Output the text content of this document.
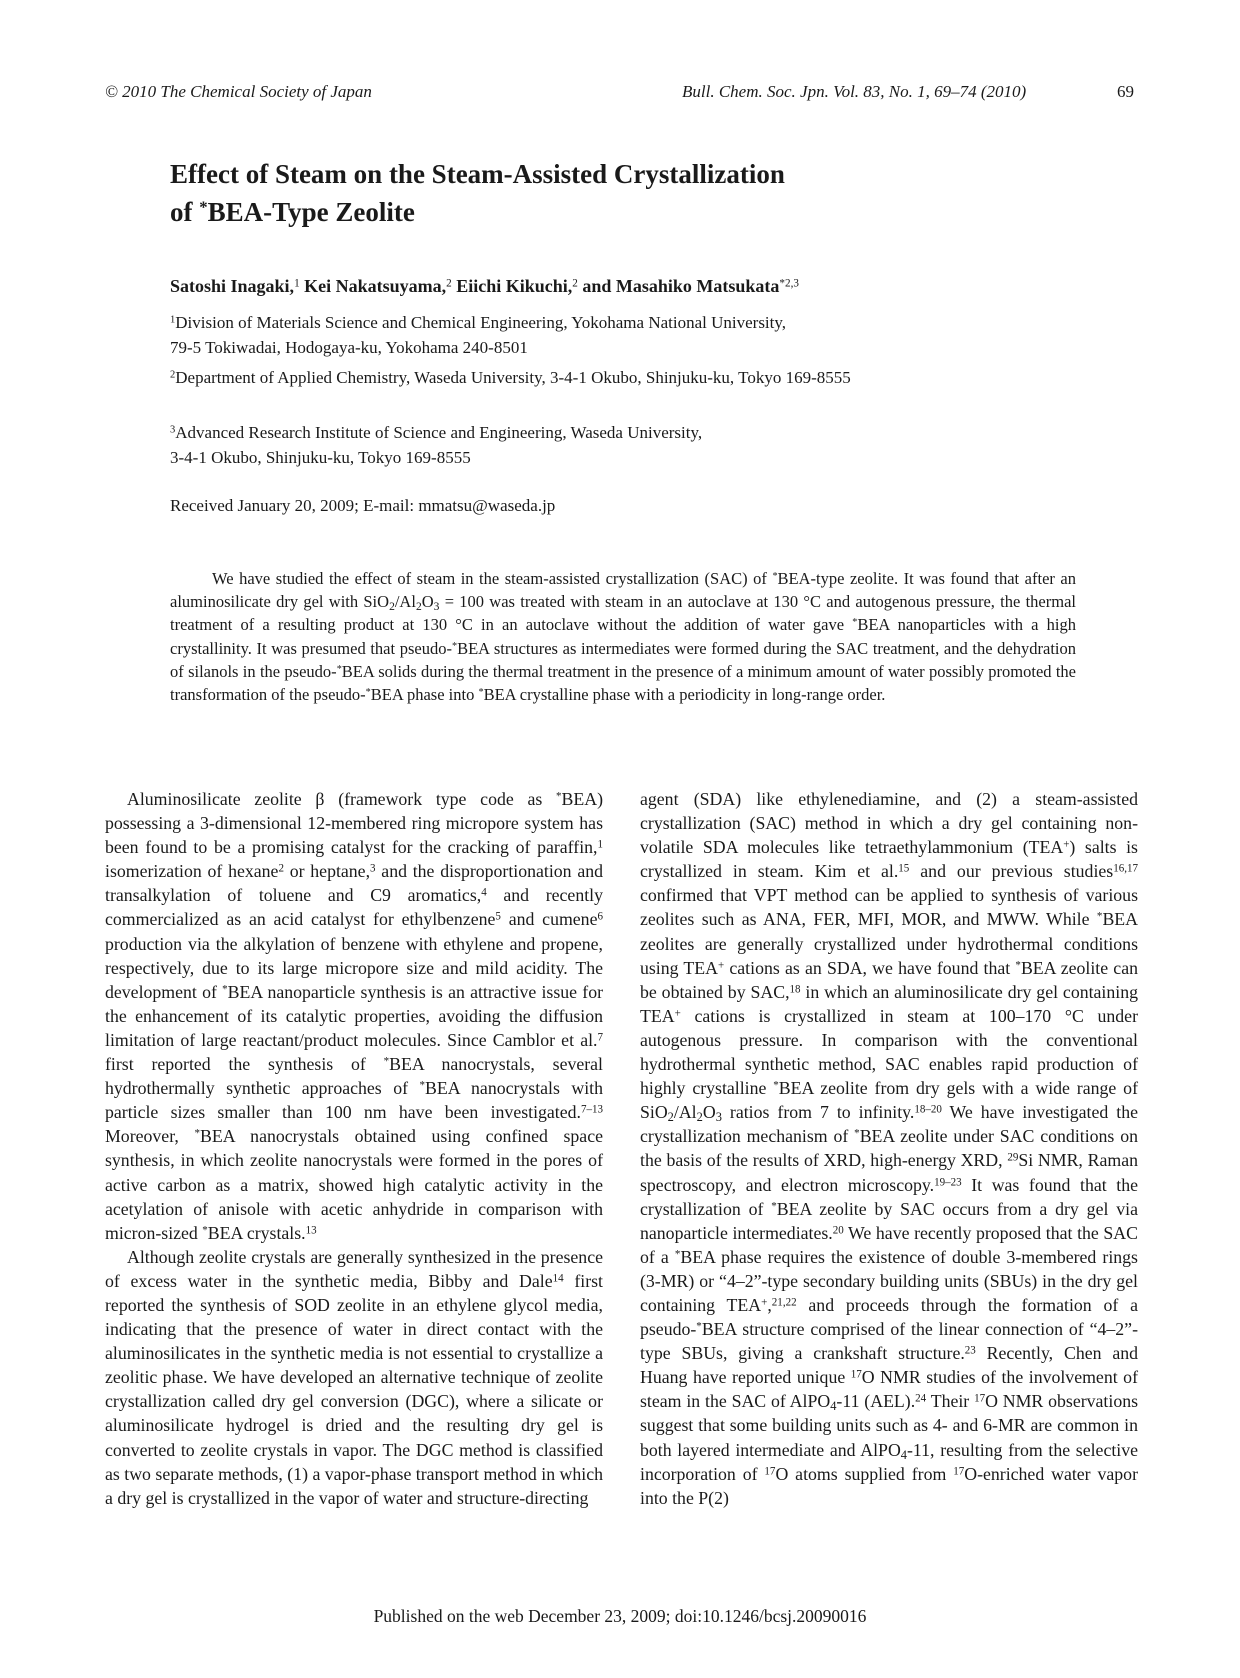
© 2010 The Chemical Society of Japan	Bull. Chem. Soc. Jpn. Vol. 83, No. 1, 69–74 (2010)	69
Effect of Steam on the Steam-Assisted Crystallization
of *BEA-Type Zeolite
Satoshi Inagaki,$^1$ Kei Nakatsuyama,$^2$ Eiichi Kikuchi,$^2$ and Masahiko Matsukata$^{*2,3}$
$^1$Division of Materials Science and Chemical Engineering, Yokohama National University,
79-5 Tokiwadai, Hodogaya-ku, Yokohama 240-8501
$^2$Department of Applied Chemistry, Waseda University, 3-4-1 Okubo, Shinjuku-ku, Tokyo 169-8555
$^3$Advanced Research Institute of Science and Engineering, Waseda University,
3-4-1 Okubo, Shinjuku-ku, Tokyo 169-8555
Received January 20, 2009; E-mail: mmatsu@waseda.jp
We have studied the effect of steam in the steam-assisted crystallization (SAC) of *BEA-type zeolite. It was found that after an aluminosilicate dry gel with $SiO_2/Al_2O_3 = 100$ was treated with steam in an autoclave at 130 °C and autogenous pressure, the thermal treatment of a resulting product at 130 °C in an autoclave without the addition of water gave *BEA nanoparticles with a high crystallinity. It was presumed that pseudo-*BEA structures as intermediates were formed during the SAC treatment, and the dehydration of silanols in the pseudo-*BEA solids during the thermal treatment in the presence of a minimum amount of water possibly promoted the transformation of the pseudo-*BEA phase into *BEA crystalline phase with a periodicity in long-range order.

Aluminosilicate zeolite β (framework type code as *BEA) possessing a 3-dimensional 12-membered ring micropore system has been found to be a promising catalyst for the cracking of paraffin,$^1$ isomerization of hexane$^2$ or heptane,$^3$ and the disproportionation and transalkylation of toluene and C9 aromatics,$^4$ and recently commercialized as an acid catalyst for ethylbenzene$^5$ and cumene$^6$ production via the alkylation of benzene with ethylene and propene, respectively, due to its large micropore size and mild acidity. The development of *BEA nanoparticle synthesis is an attractive issue for the enhancement of its catalytic properties, avoiding the diffusion limitation of large reactant/product molecules. Since Camblor et al.$^7$ first reported the synthesis of *BEA nanocrystals, several hydrothermally synthetic approaches of *BEA nanocrystals with particle sizes smaller than 100 nm have been investigated.$^{7-13}$ Moreover, *BEA nanocrystals obtained using confined space synthesis, in which zeolite nanocrystals were formed in the pores of active carbon as a matrix, showed high catalytic activity in the acetylation of anisole with acetic anhydride in comparison with micron-sized *BEA crystals.$^{13}$

Although zeolite crystals are generally synthesized in the presence of excess water in the synthetic media, Bibby and Dale$^{14}$ first reported the synthesis of SOD zeolite in an ethylene glycol media, indicating that the presence of water in direct contact with the aluminosilicates in the synthetic media is not essential to crystallize a zeolitic phase. We have developed an alternative technique of zeolite crystallization called dry gel conversion (DGC), where a silicate or aluminosilicate hydrogel is dried and the resulting dry gel is converted to zeolite crystals in vapor. The DGC method is classified as two separate methods, (1) a vapor-phase transport method in which a dry gel is crystallized in the vapor of water and structure-directing

agent (SDA) like ethylenediamine, and (2) a steam-assisted crystallization (SAC) method in which a dry gel containing non-volatile SDA molecules like tetraethylammonium (TEA+) salts is crystallized in steam. Kim et al.$^{15}$ and our previous studies$^{16,17}$ confirmed that VPT method can be applied to synthesis of various zeolites such as ANA, FER, MFI, MOR, and MWW. While *BEA zeolites are generally crystallized under hydrothermal conditions using TEA+ cations as an SDA, we have found that *BEA zeolite can be obtained by SAC,$^{18}$ in which an aluminosilicate dry gel containing TEA+ cations is crystallized in steam at 100–170 °C under autogenous pressure. In comparison with the conventional hydrothermal synthetic method, SAC enables rapid production of highly crystalline *BEA zeolite from dry gels with a wide range of $SiO_2/Al_2O_3$ ratios from 7 to infinity.$^{18-20}$ We have investigated the crystallization mechanism of *BEA zeolite under SAC conditions on the basis of the results of XRD, high-energy XRD, $^{29}$Si NMR, Raman spectroscopy, and electron microscopy.$^{19-23}$ It was found that the crystallization of *BEA zeolite by SAC occurs from a dry gel via nanoparticle intermediates.$^{20}$ We have recently proposed that the SAC of a *BEA phase requires the existence of double 3-membered rings (3-MR) or “4–2”-type secondary building units (SBUs) in the dry gel containing TEA+,$^{21,22}$ and proceeds through the formation of a pseudo-*BEA structure comprised of the linear connection of “4–2”-type SBUs, giving a crankshaft structure.$^{23}$ Recently, Chen and Huang have reported unique $^{17}$O NMR studies of the involvement of steam in the SAC of AlPO$_4$-11 (AEL).$^{24}$ Their $^{17}$O NMR observations suggest that some building units such as 4- and 6-MR are common in both layered intermediate and AlPO$_4$-11, resulting from the selective incorporation of $^{17}$O atoms supplied from $^{17}$O-enriched water vapor into the P(2)

Published on the web December 23, 2009; doi:10.1246/bcsj.20090016
